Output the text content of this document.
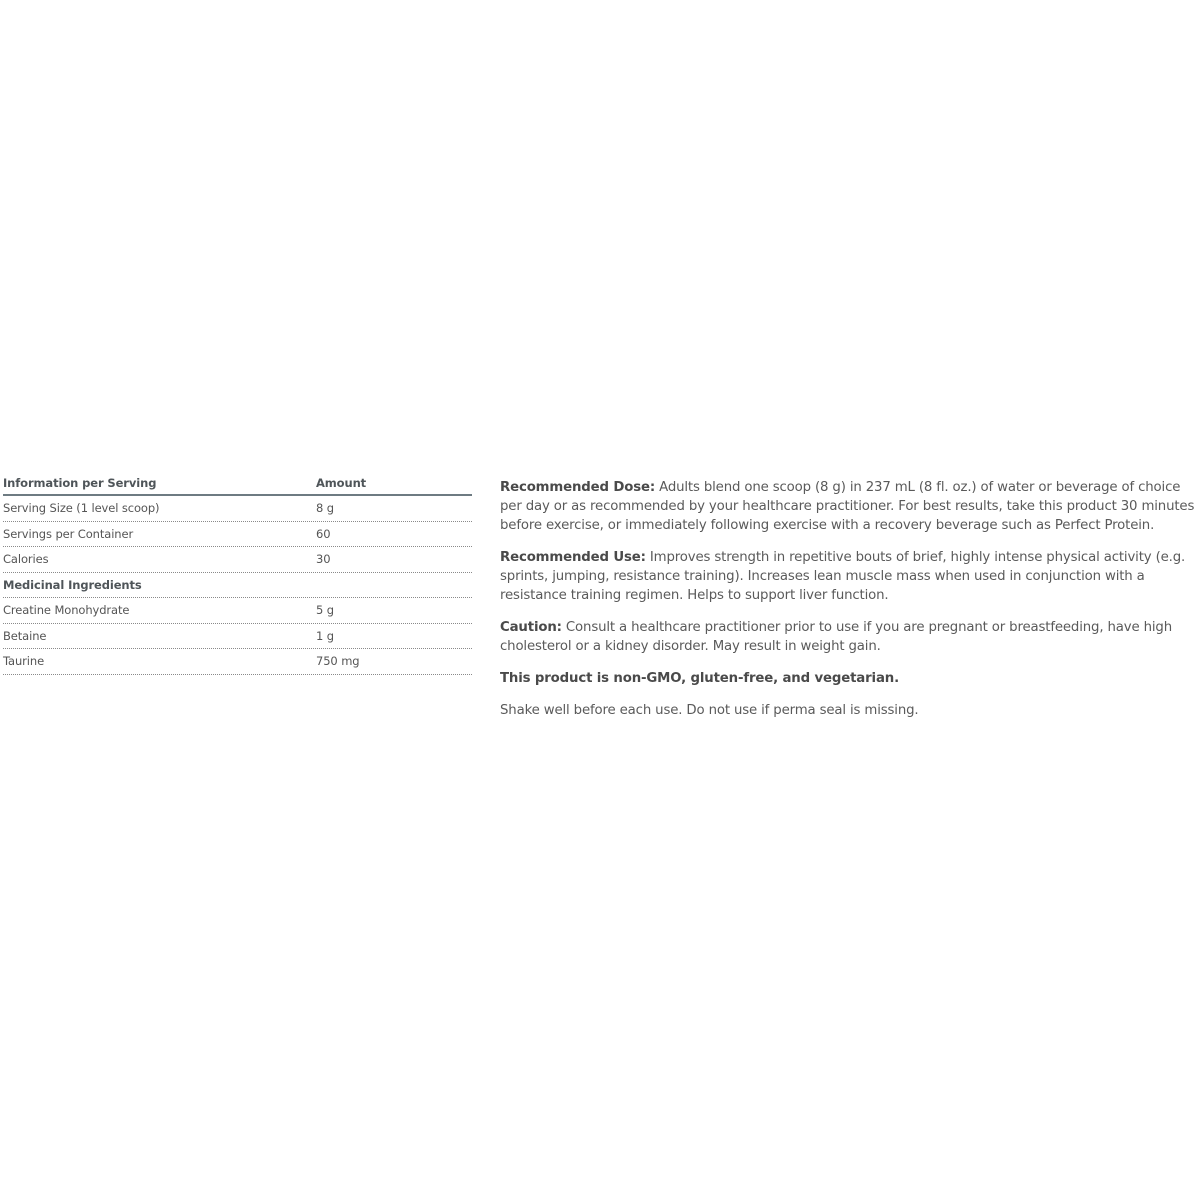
Information per Serving	Amount
Serving Size (1 level scoop)	8 g
Servings per Container	60
Calories	30
Medicinal Ingredients
Creatine Monohydrate	5 g
Betaine	1 g
Taurine	750 mg

Recommended Dose: Adults blend one scoop (8 g) in 237 mL (8 fl. oz.) of water or beverage of choice per day or as recommended by your healthcare practitioner. For best results, take this product 30 minutes before exercise, or immediately following exercise with a recovery beverage such as Perfect Protein.

Recommended Use: Improves strength in repetitive bouts of brief, highly intense physical activity (e.g. sprints, jumping, resistance training). Increases lean muscle mass when used in conjunction with a resistance training regimen. Helps to support liver function.

Caution: Consult a healthcare practitioner prior to use if you are pregnant or breastfeeding, have high cholesterol or a kidney disorder. May result in weight gain.

This product is non-GMO, gluten-free, and vegetarian.

Shake well before each use. Do not use if perma seal is missing.
